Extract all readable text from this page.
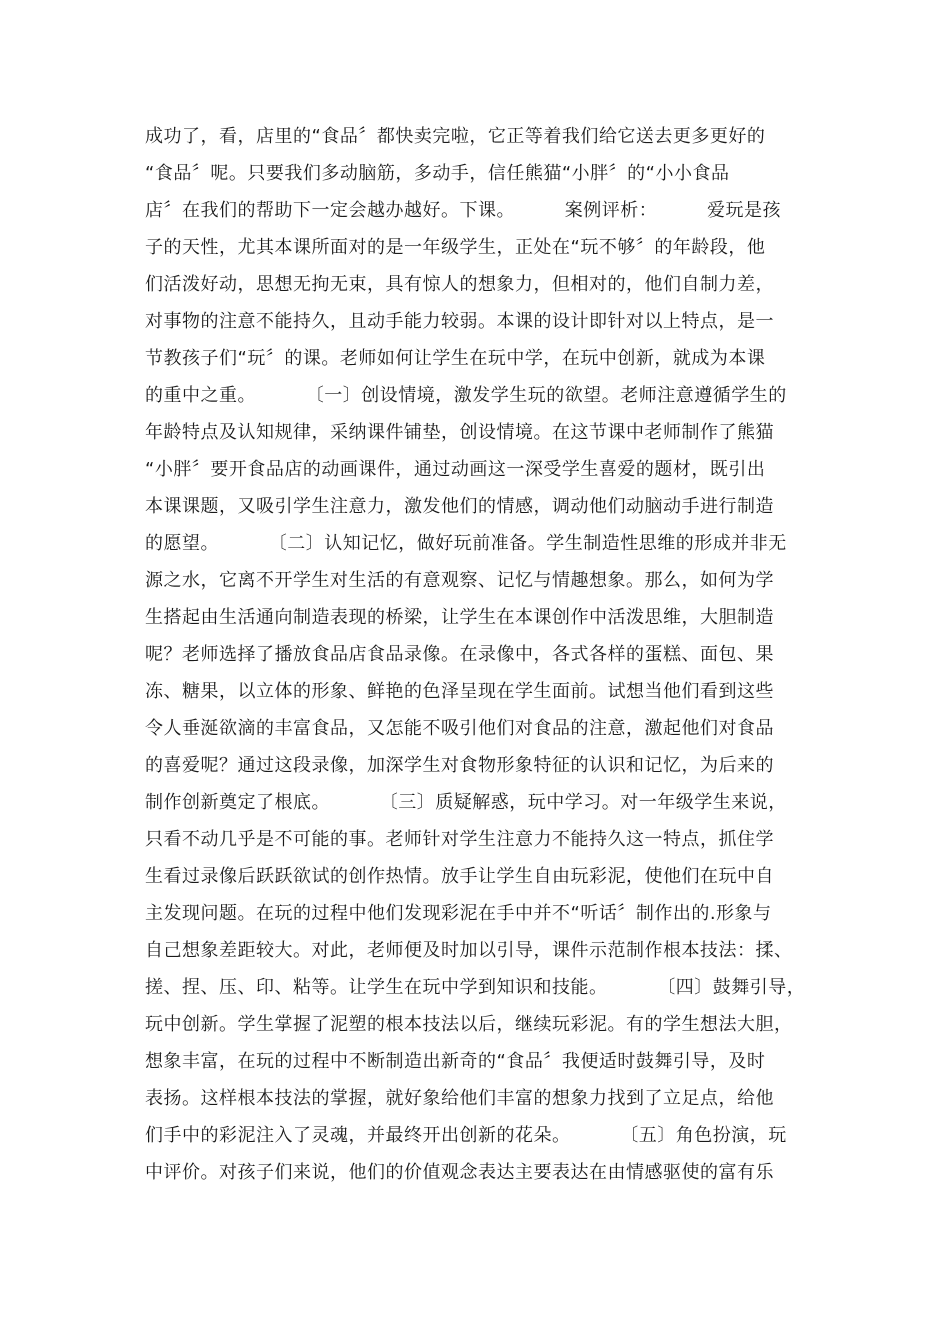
成功了，看，店里的“食品〞都快卖完啦，它正等着我们给它送去更多更好的
“食品〞呢。只要我们多动脑筋，多动手，信任熊猫“小胖〞的“小小食品
店〞在我们的帮助下一定会越办越好。下课。        案例评析：        爱玩是孩
子的天性，尤其本课所面对的是一年级学生，正处在“玩不够〞的年龄段，他
们活泼好动，思想无拘无束，具有惊人的想象力，但相对的，他们自制力差，
对事物的注意不能持久，且动手能力较弱。本课的设计即针对以上特点，是一
节教孩子们“玩〞的课。老师如何让学生在玩中学，在玩中创新，就成为本课
的重中之重。        〔一〕创设情境，激发学生玩的欲望。老师注意遵循学生的
年龄特点及认知规律，采纳课件铺垫，创设情境。在这节课中老师制作了熊猫
“小胖〞要开食品店的动画课件，通过动画这一深受学生喜爱的题材，既引出
本课课题，又吸引学生注意力，激发他们的情感，调动他们动脑动手进行制造
的愿望。        〔二〕认知记忆，做好玩前准备。学生制造性思维的形成并非无
源之水，它离不开学生对生活的有意观察、记忆与情趣想象。那么，如何为学
生搭起由生活通向制造表现的桥梁，让学生在本课创作中活泼思维，大胆制造
呢？老师选择了播放食品店食品录像。在录像中，各式各样的蛋糕、面包、果
冻、糖果，以立体的形象、鲜艳的色泽呈现在学生面前。试想当他们看到这些
令人垂涎欲滴的丰富食品，又怎能不吸引他们对食品的注意，激起他们对食品
的喜爱呢？通过这段录像，加深学生对食物形象特征的认识和记忆，为后来的
制作创新奠定了根底。        〔三〕质疑解惑，玩中学习。对一年级学生来说，
只看不动几乎是不可能的事。老师针对学生注意力不能持久这一特点，抓住学
生看过录像后跃跃欲试的创作热情。放手让学生自由玩彩泥，使他们在玩中自
主发现问题。在玩的过程中他们发现彩泥在手中并不“听话〞制作出的.形象与
自己想象差距较大。对此，老师便及时加以引导，课件示范制作根本技法：揉、
搓、捏、压、印、粘等。让学生在玩中学到知识和技能。        〔四〕鼓舞引导，
玩中创新。学生掌握了泥塑的根本技法以后，继续玩彩泥。有的学生想法大胆，
想象丰富，在玩的过程中不断制造出新奇的“食品〞我便适时鼓舞引导，及时
表扬。这样根本技法的掌握，就好象给他们丰富的想象力找到了立足点，给他
们手中的彩泥注入了灵魂，并最终开出创新的花朵。        〔五〕角色扮演，玩
中评价。对孩子们来说，他们的价值观念表达主要表达在由情感驱使的富有乐
